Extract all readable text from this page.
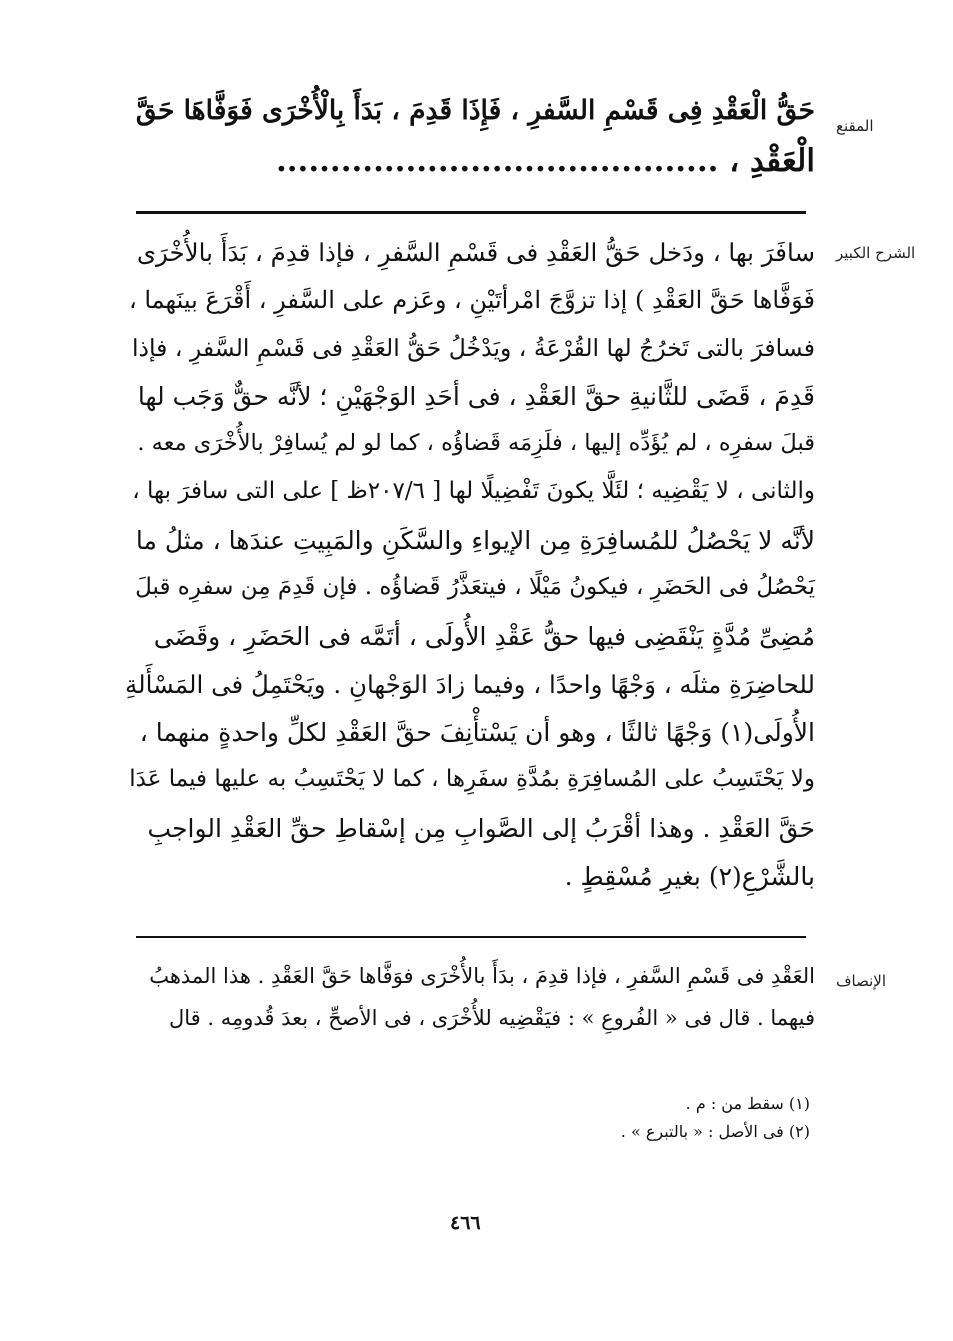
المقنع
حَقُّ الْعَقْدِ فِى قَسْمِ السَّفرِ ، فَإِذَا قَدِمَ ، بَدَأَ بِالْأُخْرَى فَوَفَّاهَا حَقَّ
الْعَقْدِ ، .........................................
الشرح الكبير
سافَرَ بها ، ودَخل حَقُّ العَقْدِ فى قَسْمِ السَّفرِ ، فإذا قدِمَ ، بَدَأَ بالأُخْرَى
فَوَفَّاها حَقَّ العَقْدِ ) إذا تزوَّجَ امْرأتَيْنِ ، وعَزم على السَّفرِ ، أَقْرَعَ بينَهما ،
فسافرَ بالتى تَخرُجُ لها القُرْعَةُ ، ويَدْخُلُ حَقُّ العَقْدِ فى قَسْمِ السَّفرِ ، فإذا
قَدِمَ ، قَضَى للثَّانيةِ حقَّ العَقْدِ ، فى أحَدِ الوَجْهَيْنِ ؛ لأنَّه حقٌّ وَجَب لها
قبلَ سفرِه ، لم يُؤَدِّه إليها ، فلَزِمَه قَضاؤُه ، كما لو لم يُسافِرْ بالأُخْرَى معه .
والثانى ، لا يَقْضِيه ؛ لئَلَّا يكونَ تَفْضِيلًا لها [ ٢٠٧/٦ظ ] على التى سافرَ بها ،
لأنَّه لا يَحْصُلُ للمُسافِرَةِ مِن الإيواءِ والسَّكَنِ والمَبِيتِ عندَها ، مثلُ ما
يَحْصُلُ فى الحَضَرِ ، فيكونُ مَيْلًا ، فيتعَذَّرُ قَضاؤُه . فإن قَدِمَ مِن سفرِه قبلَ
مُضِىِّ مُدَّةٍ يَنْقَضِى فيها حقُّ عَقْدِ الأُولَى ، أتَمَّه فى الحَضَرِ ، وقَضَى
للحاضِرَةِ مثلَه ، وَجْهًا واحدًا ، وفيما زادَ الوَجْهانِ . ويَحْتَمِلُ فى المَسْأَلةِ
الأُولَى(١) وَجْهًا ثالثًا ، وهو أن يَسْتأْنِفَ حقَّ العَقْدِ لكلِّ واحدةٍ منهما ،
ولا يَحْتَسِبُ على المُسافِرَةِ بمُدَّةِ سفَرِها ، كما لا يَحْتَسِبُ به عليها فيما عَدَا
حَقَّ العَقْدِ . وهذا أقْرَبُ إلى الصَّوابِ مِن إسْقاطِ حقِّ العَقْدِ الواجبِ
بالشَّرْعِ(٢) بغيرِ مُسْقِطٍ .
الإنصاف
العَقْدِ فى قَسْمِ السَّفرِ ، فإذا قدِمَ ، بدَأَ بالأُخْرَى فوَفَّاها حَقَّ العَقْدِ . هذا المذهبُ
فيهما . قال فى « الفُروعِ » : فيَقْضِيه للأُخْرَى ، فى الأصحِّ ، بعدَ قُدومِه . قال
(١) سقط من : م .
(٢) فى الأصل : « بالتبرع » .
٤٦٦
